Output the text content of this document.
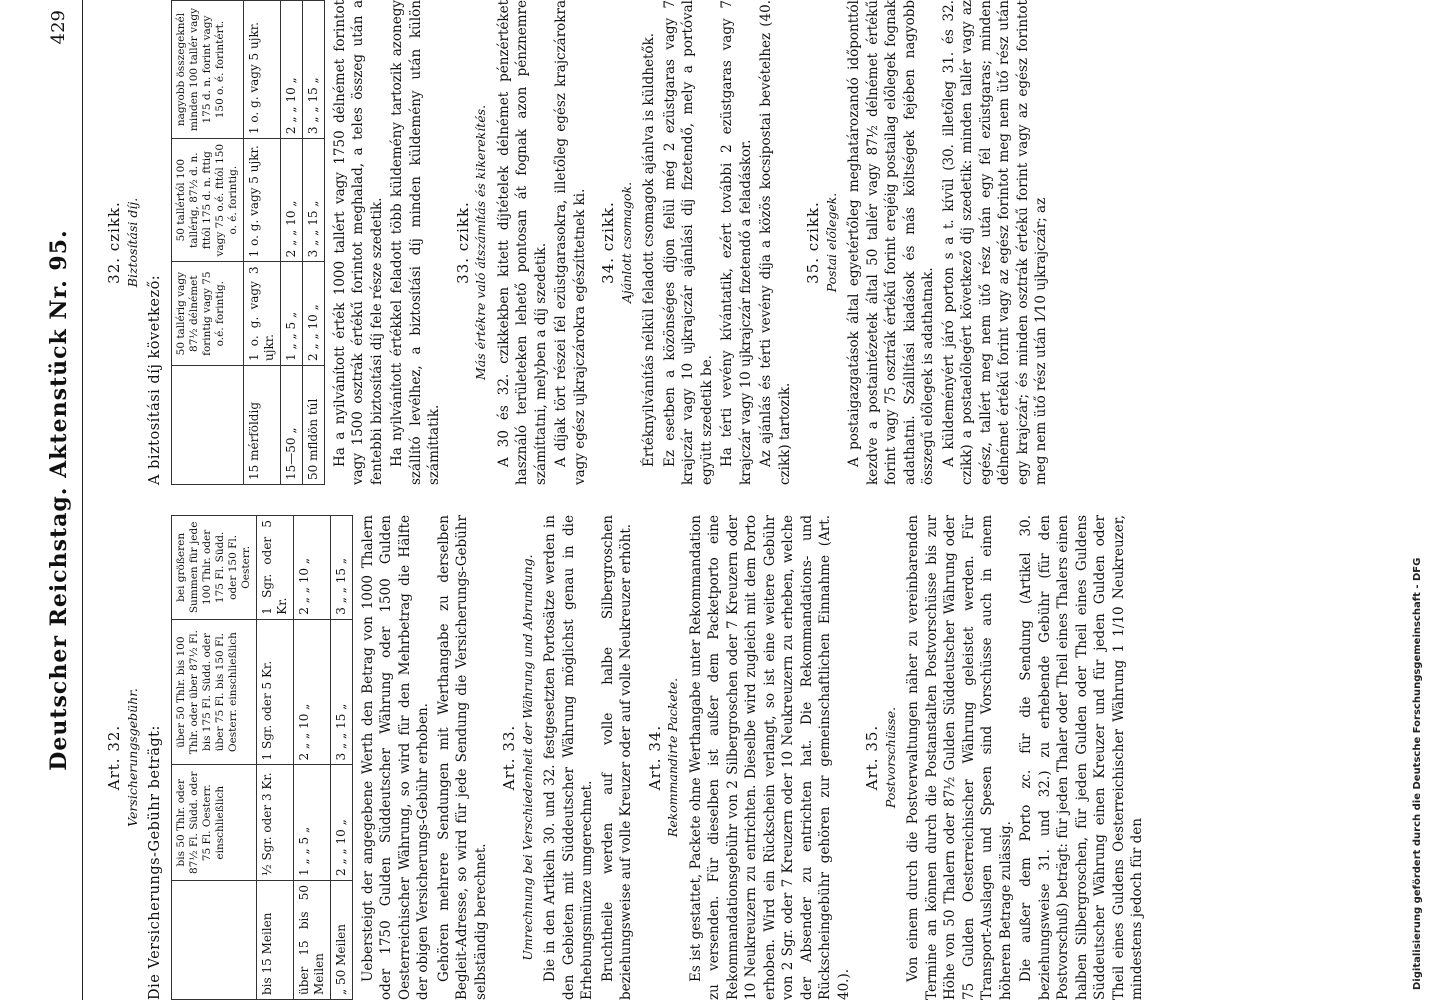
Deutscher Reichstag. Aktenstück Nr. 95.
429
Art. 32. Versicherungsgebühr. Die Versicherungs-Gebühr beträgt:
	bis 50 Thlr. oder 87½ Fl. Südd. oder 75 Fl. Oesterr. einschließlich	über 50 Thlr. bis 100 Thlr. oder über 87½ Fl. bis 175 Fl. Südd. oder über 75 Fl. bis 150 Fl. Oesterr. einschließlich	bei größeren Summen für jede 100 Thlr. oder 175 Fl. Südd. oder 150 Fl. Oesterr.
bis 15 Meilen	½ Sgr. oder 3 Kr.	1 Sgr. oder 5 Kr.	1 Sgr. oder 5 Kr.
über 15 bis 50 Meilen	1 „ „ 5 „	2 „ „ 10 „	2 „ „ 10 „
„ 50 Meilen	2 „ „ 10 „	3 „ „ 15 „	3 „ „ 15 „ Uebersteigt der angegebene Werth den Betrag von 1000 Thalern oder 1750 Gulden Süddeutscher Währung oder 1500 Gulden Oesterreichischer Währung, so wird für den Mehrbetrag die Hälfte der obigen Versicherungs-Gebühr erhoben. Gehören mehrere Sendungen mit Werthangabe zu derselben Begleit-Adresse, so wird für jede Sendung die Versicherungs-Gebühr selbständig berechnet.

Art. 33. Umrechnung bei Verschiedenheit der Währung und Abrundung. Die in den Artikeln 30. und 32. festgesetzten Portosätze werden in den Gebieten mit Süddeutscher Währung möglichst genau in die Erhebungsmünze umgerechnet. Bruchtheile werden auf volle halbe Silbergroschen beziehungsweise auf volle Kreuzer oder auf volle Neukreuzer erhöht. Art. 34. Rekommandirte Packete. Es ist gestattet, Packete ohne Werthangabe unter Rekommandation zu versenden. Für dieselben ist außer dem Packetporto eine Rekommandationsgebühr von 2 Silbergroschen oder 7 Kreuzern oder 10 Neukreuzern zu entrichten. Dieselbe wird zugleich mit dem Porto erhoben. Wird ein Rückschein verlangt, so ist eine weitere Gebühr von 2 Sgr. oder 7 Kreuzern oder 10 Neukreuzern zu erheben, welche der Absender zu entrichten hat. Die Rekommandations- und Rückscheingebühr gehören zur gemeinschaftlichen Einnahme (Art. 40.).

Art. 35. Postvorschüsse. Von einem durch die Postverwaltungen näher zu vereinbarenden Termine an können durch die Postanstalten Postvorschüsse bis zur Höhe von 50 Thalern oder 87½ Gulden Süddeutscher Währung oder 75 Gulden Oesterreichischer Währung geleistet werden. Für Transport-Auslagen und Spesen sind Vorschüsse auch in einem höheren Betrage zulässig. Die außer dem Porto zc. für die Sendung (Artikel 30. beziehungsweise 31. und 32.) zu erhebende Gebühr (für den Postvorschuß) beträgt: für jeden Thaler oder Theil eines Thalers einen halben Silbergroschen, für jeden Gulden oder Theil eines Guldens Süddeutscher Währung einen Kreuzer und für jeden Gulden oder Theil eines Guldens Oesterreichischer Währung 1 1/10 Neukreuzer, mindestens jedoch für den

32. czikk. Biztosítási díj.
A biztosítási díj következő:
	50 tallérig vagy 87½ délnémet forintig vagy 75 o.é. forintig.	50 tallértól 100 tallérig, 87½ d. n. fttól 175 d. n. fttig vagy 75 o.é. fttól 150 o. é. forintig.	nagyobb összegeknél minden 100 tallér vagy 175 d. n. forint vagy 150 o. é. forintért.
15 mérföldig	1 o. g. vagy 3 ujkr.	1 o. g. vagy 5 ujkr.	1 o. g. vagy 5 ujkr.
15—50 „	1 „ „ 5 „	2 „ „ 10 „	2 „ „ 10 „
50 mfldön túl	2 „ „ 10 „	3 „ „ 15 „	3 „ „ 15 „ Ha a nyilvánított érték 1000 tallért vagy 1750 délnémet forintot vagy 1500 osztrák értékű forintot meghalad, a teles összeg után a fentebbi biztosítási díj fele része szedetik. Ha nyilvánított értékkel feladott több küldemény tartozik azonegy szállító levélhez, a biztosítási díj minden küldemény után külön számíttatik.

33. czikk. Más értékre való átszámítás és kikerekítés. A 30 és 32. czikkekben kitett díjtételek délnémet pénzértéket használó területeken lehető pontosan át fognak azon pénznemre számíttatni, melyben a díj szedetik. A díjak tört részei fél ezüstgarasokra, illetőleg egész krajczárokra vagy egész ujkrajczárokra egészíttetnek ki. 34. czikk. Ajánlott csomagok. Értéknyilvánítás nélkül feladott csomagok ajánlva is küldhetők. Ez esetben a közönséges díjon felül még 2 ezüstgaras vagy 7 krajczár vagy 10 ujkrajczár ajánlási díj fizetendő, mely a portóval együtt szedetik be. Ha térti vevény kívántatik, ezért további 2 ezüstgaras vagy 7 krajczár vagy 10 ujkrajczár fizetendő a feladáskor. Az ajánlás és térti vevény díja a közös kocsipostai bevételhez (40. czikk) tartozik.

35. czikk. Postai előlegek. A postaigazgatások által egyetértőleg meghatározandó időponttól kezdve a postaintézetek által 50 tallér vagy 87½ délnémet értékű forint vagy 75 osztrák értékű forint erejéig postailag előlegek fognak adathatni. Szállítási kiadások és más költségek fejében nagyobb összegű előlegek is adathatnak. A küldeményért járó porton s a t. kívül (30. illetőleg 31. és 32. czikk) a postaelőlegért következő díj szedetik: minden tallér vagy az egész, tallért meg nem ütő rész után egy fél ezüstgaras; minden délnémet értékű forint vagy az egész forintot meg nem ütő rész után egy krajczár; és minden osztrák értékű forint vagy az egész forintot meg nem ütő rész után 1⁄10 ujkrajczár; az

Digitalisierung gefördert durch die Deutsche Forschungsgemeinschaft - DFG
